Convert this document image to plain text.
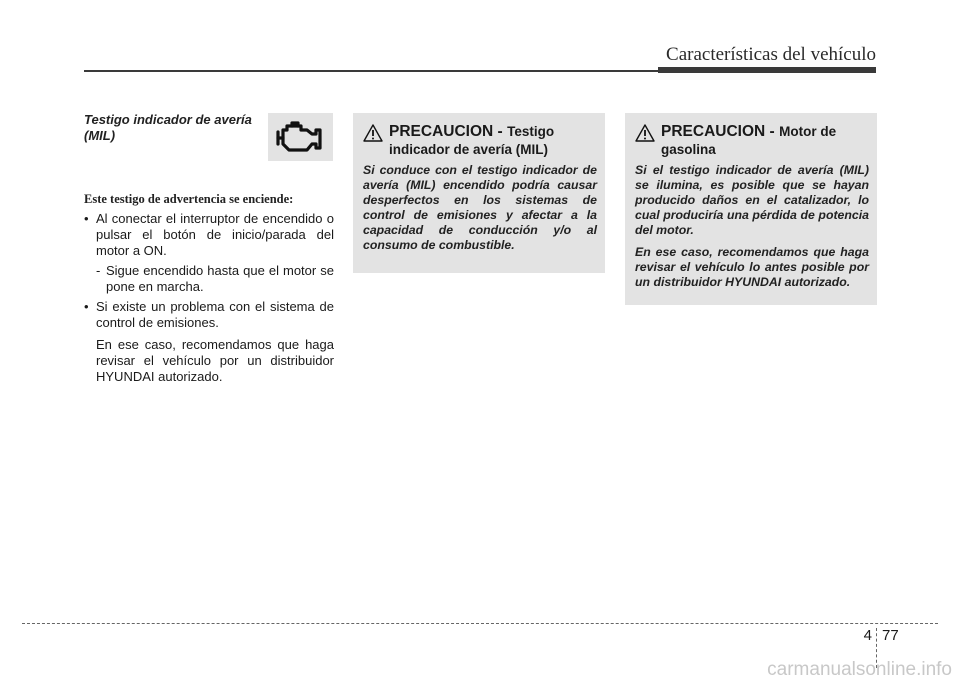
Características del vehículo
Testigo indicador de avería (MIL)
Este testigo de advertencia se enciende:
• Al conectar el interruptor de encendido o pulsar el botón de inicio/parada del motor a ON.
- Sigue encendido hasta que el motor se pone en marcha.
• Si existe un problema con el sistema de control de emisiones.
En ese caso, recomendamos que haga revisar el vehículo por un distribuidor HYUNDAI autorizado.
PRECAUCION - Testigo indicador de avería (MIL)

Si conduce con el testigo indicador de avería (MIL) encendido podría causar desperfectos en los sistemas de control de emisiones y afectar a la capacidad de conducción y/o al consumo de combustible.

PRECAUCION - Motor de gasolina

Si el testigo indicador de avería (MIL) se ilumina, es posible que se hayan producido daños en el catalizador, lo cual produciría una pérdida de potencia del motor.

En ese caso, recomendamos que haga revisar el vehículo lo antes posible por un distribuidor HYUNDAI autorizado.

4 77
carmanualsonline.info
